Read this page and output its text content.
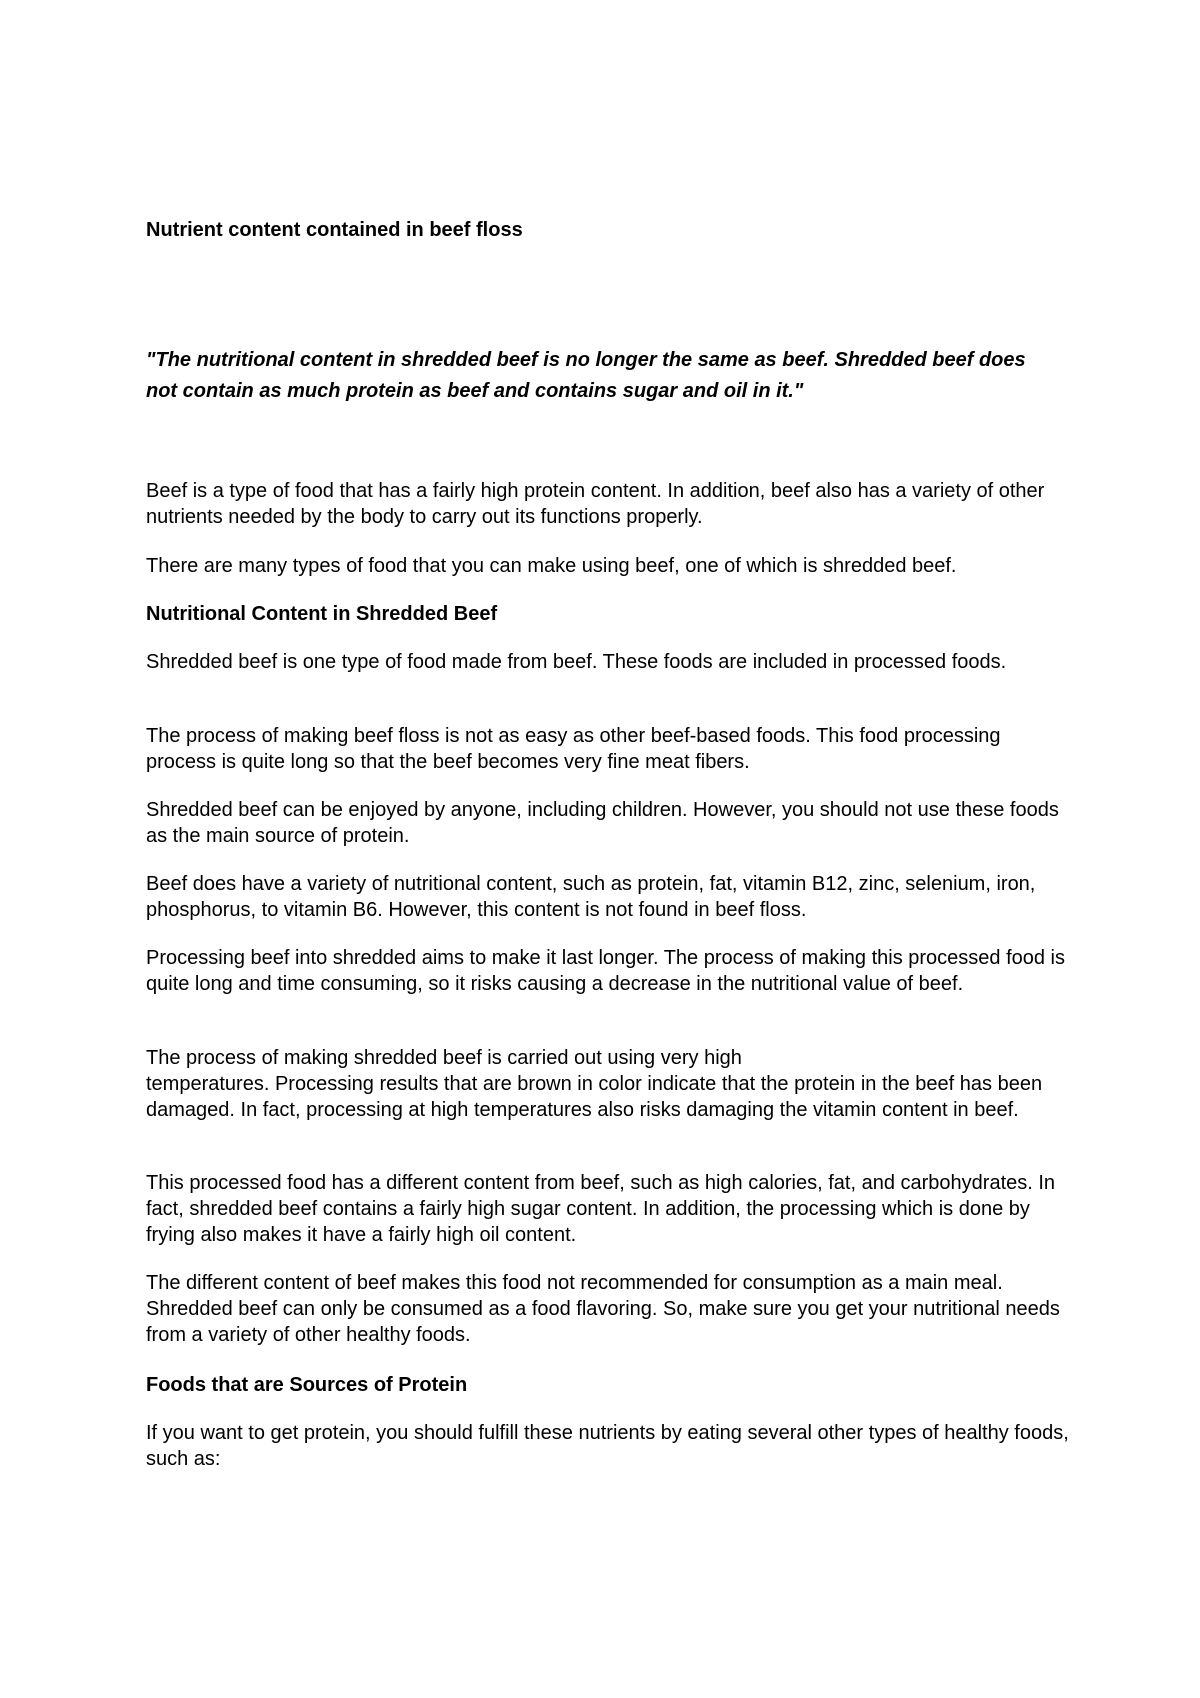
Nutrient content contained in beef floss

"The nutritional content in shredded beef is no longer the same as beef. Shredded beef does not contain as much protein as beef and contains sugar and oil in it."

Beef is a type of food that has a fairly high protein content. In addition, beef also has a variety of other nutrients needed by the body to carry out its functions properly.

There are many types of food that you can make using beef, one of which is shredded beef.

Nutritional Content in Shredded Beef

Shredded beef is one type of food made from beef. These foods are included in processed foods.

The process of making beef floss is not as easy as other beef-based foods. This food processing process is quite long so that the beef becomes very fine meat fibers.

Shredded beef can be enjoyed by anyone, including children. However, you should not use these foods as the main source of protein.

Beef does have a variety of nutritional content, such as protein, fat, vitamin B12, zinc, selenium, iron, phosphorus, to vitamin B6. However, this content is not found in beef floss.

Processing beef into shredded aims to make it last longer. The process of making this processed food is quite long and time consuming, so it risks causing a decrease in the nutritional value of beef.

The process of making shredded beef is carried out using very high
temperatures. Processing results that are brown in color indicate that the protein in the beef has been damaged. In fact, processing at high temperatures also risks damaging the vitamin content in beef.

This processed food has a different content from beef, such as high calories, fat, and carbohydrates. In fact, shredded beef contains a fairly high sugar content. In addition, the processing which is done by frying also makes it have a fairly high oil content.

The different content of beef makes this food not recommended for consumption as a main meal. Shredded beef can only be consumed as a food flavoring. So, make sure you get your nutritional needs from a variety of other healthy foods.

Foods that are Sources of Protein

If you want to get protein, you should fulfill these nutrients by eating several other types of healthy foods, such as:
